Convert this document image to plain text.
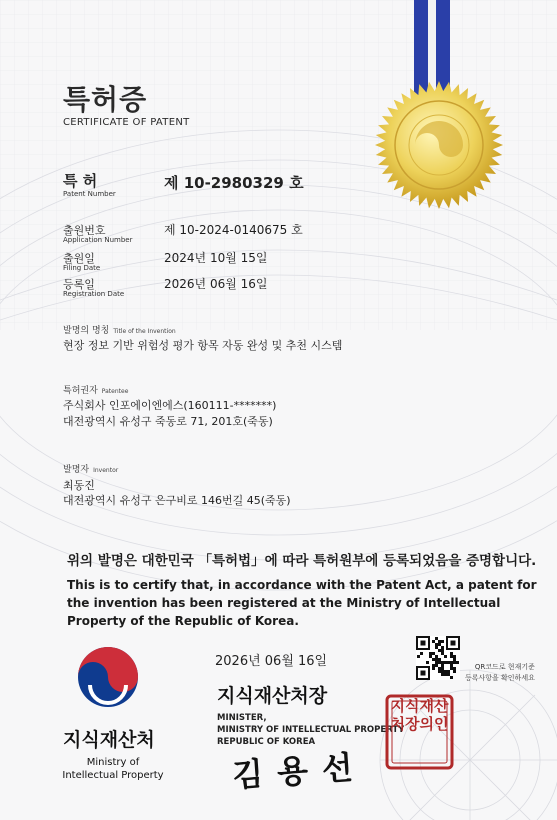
특허증
CERTIFICATE OF PATENT
특 허
Patent Number
제 10-2980329 호
출원번호
Application Number
제 10-2024-0140675 호
출원일
Filing Date
2024년 10월 15일
등록일
Registration Date
2026년 06월 16일
발명의 명칭 Title of the Invention
현장 정보 기반 위험성 평가 항목 자동 완성 및 추천 시스템
특허권자 Patentee
주식회사 인포에이엔에스(160111-*******)
대전광역시 유성구 죽동로 71, 201호(죽동)
발명자 Inventor
최동진
대전광역시 유성구 은구비로 146번길 45(죽동)
위의 발명은 대한민국 「특허법」에 따라 특허원부에 등록되었음을 증명합니다.
This is to certify that, in accordance with the Patent Act, a patent for the invention has been registered at the Ministry of Intellectual Property of the Republic of Korea.
지식재산처
Ministry of
Intellectual Property
2026년 06월 16일
지식재산처장
MINISTER,
MINISTRY OF INTELLECTUAL PROPERTY
REPUBLIC OF KOREA
지식재산처장의인
김용선
QR코드로 현재기준
등록사항을 확인하세요
